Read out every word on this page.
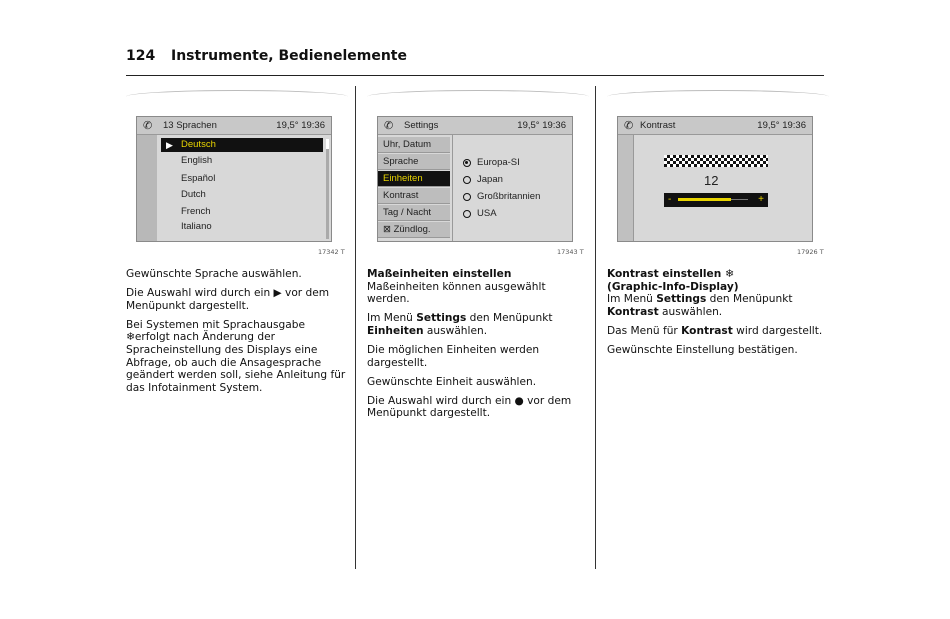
124 Instrumente, Bedienelemente
✆ 13 Sprachen	19,5° 19:36
▶ Deutsch
English
Español
Dutch
French
Italiano
17342 T
✆ Settings	19,5° 19:36
Uhr, Datum
Sprache
Einheiten
Kontrast
Tag / Nacht
⊠ Zündlog.
Europa-SI
Japan
Großbritannien
USA
17343 T
✆ Kontrast	19,5° 19:36
12
-	+
17926 T

Gewünschte Sprache auswählen.

Die Auswahl wird durch ein ▶ vor dem Menüpunkt dargestellt.

Bei Systemen mit Sprachausgabe ❄erfolgt nach Änderung der Spracheinstellung des Displays eine Abfrage, ob auch die Ansagesprache geändert werden soll, siehe Anleitung für das Infotainment System.

Maßeinheiten einstellen
Maßeinheiten können ausgewählt werden.

Im Menü Settings den Menüpunkt Einheiten auswählen.

Die möglichen Einheiten werden dargestellt.

Gewünschte Einheit auswählen.

Die Auswahl wird durch ein ● vor dem Menüpunkt dargestellt.

Kontrast einstellen ❄
(Graphic-Info-Display)
Im Menü Settings den Menüpunkt Kontrast auswählen.

Das Menü für Kontrast wird dargestellt.

Gewünschte Einstellung bestätigen.
